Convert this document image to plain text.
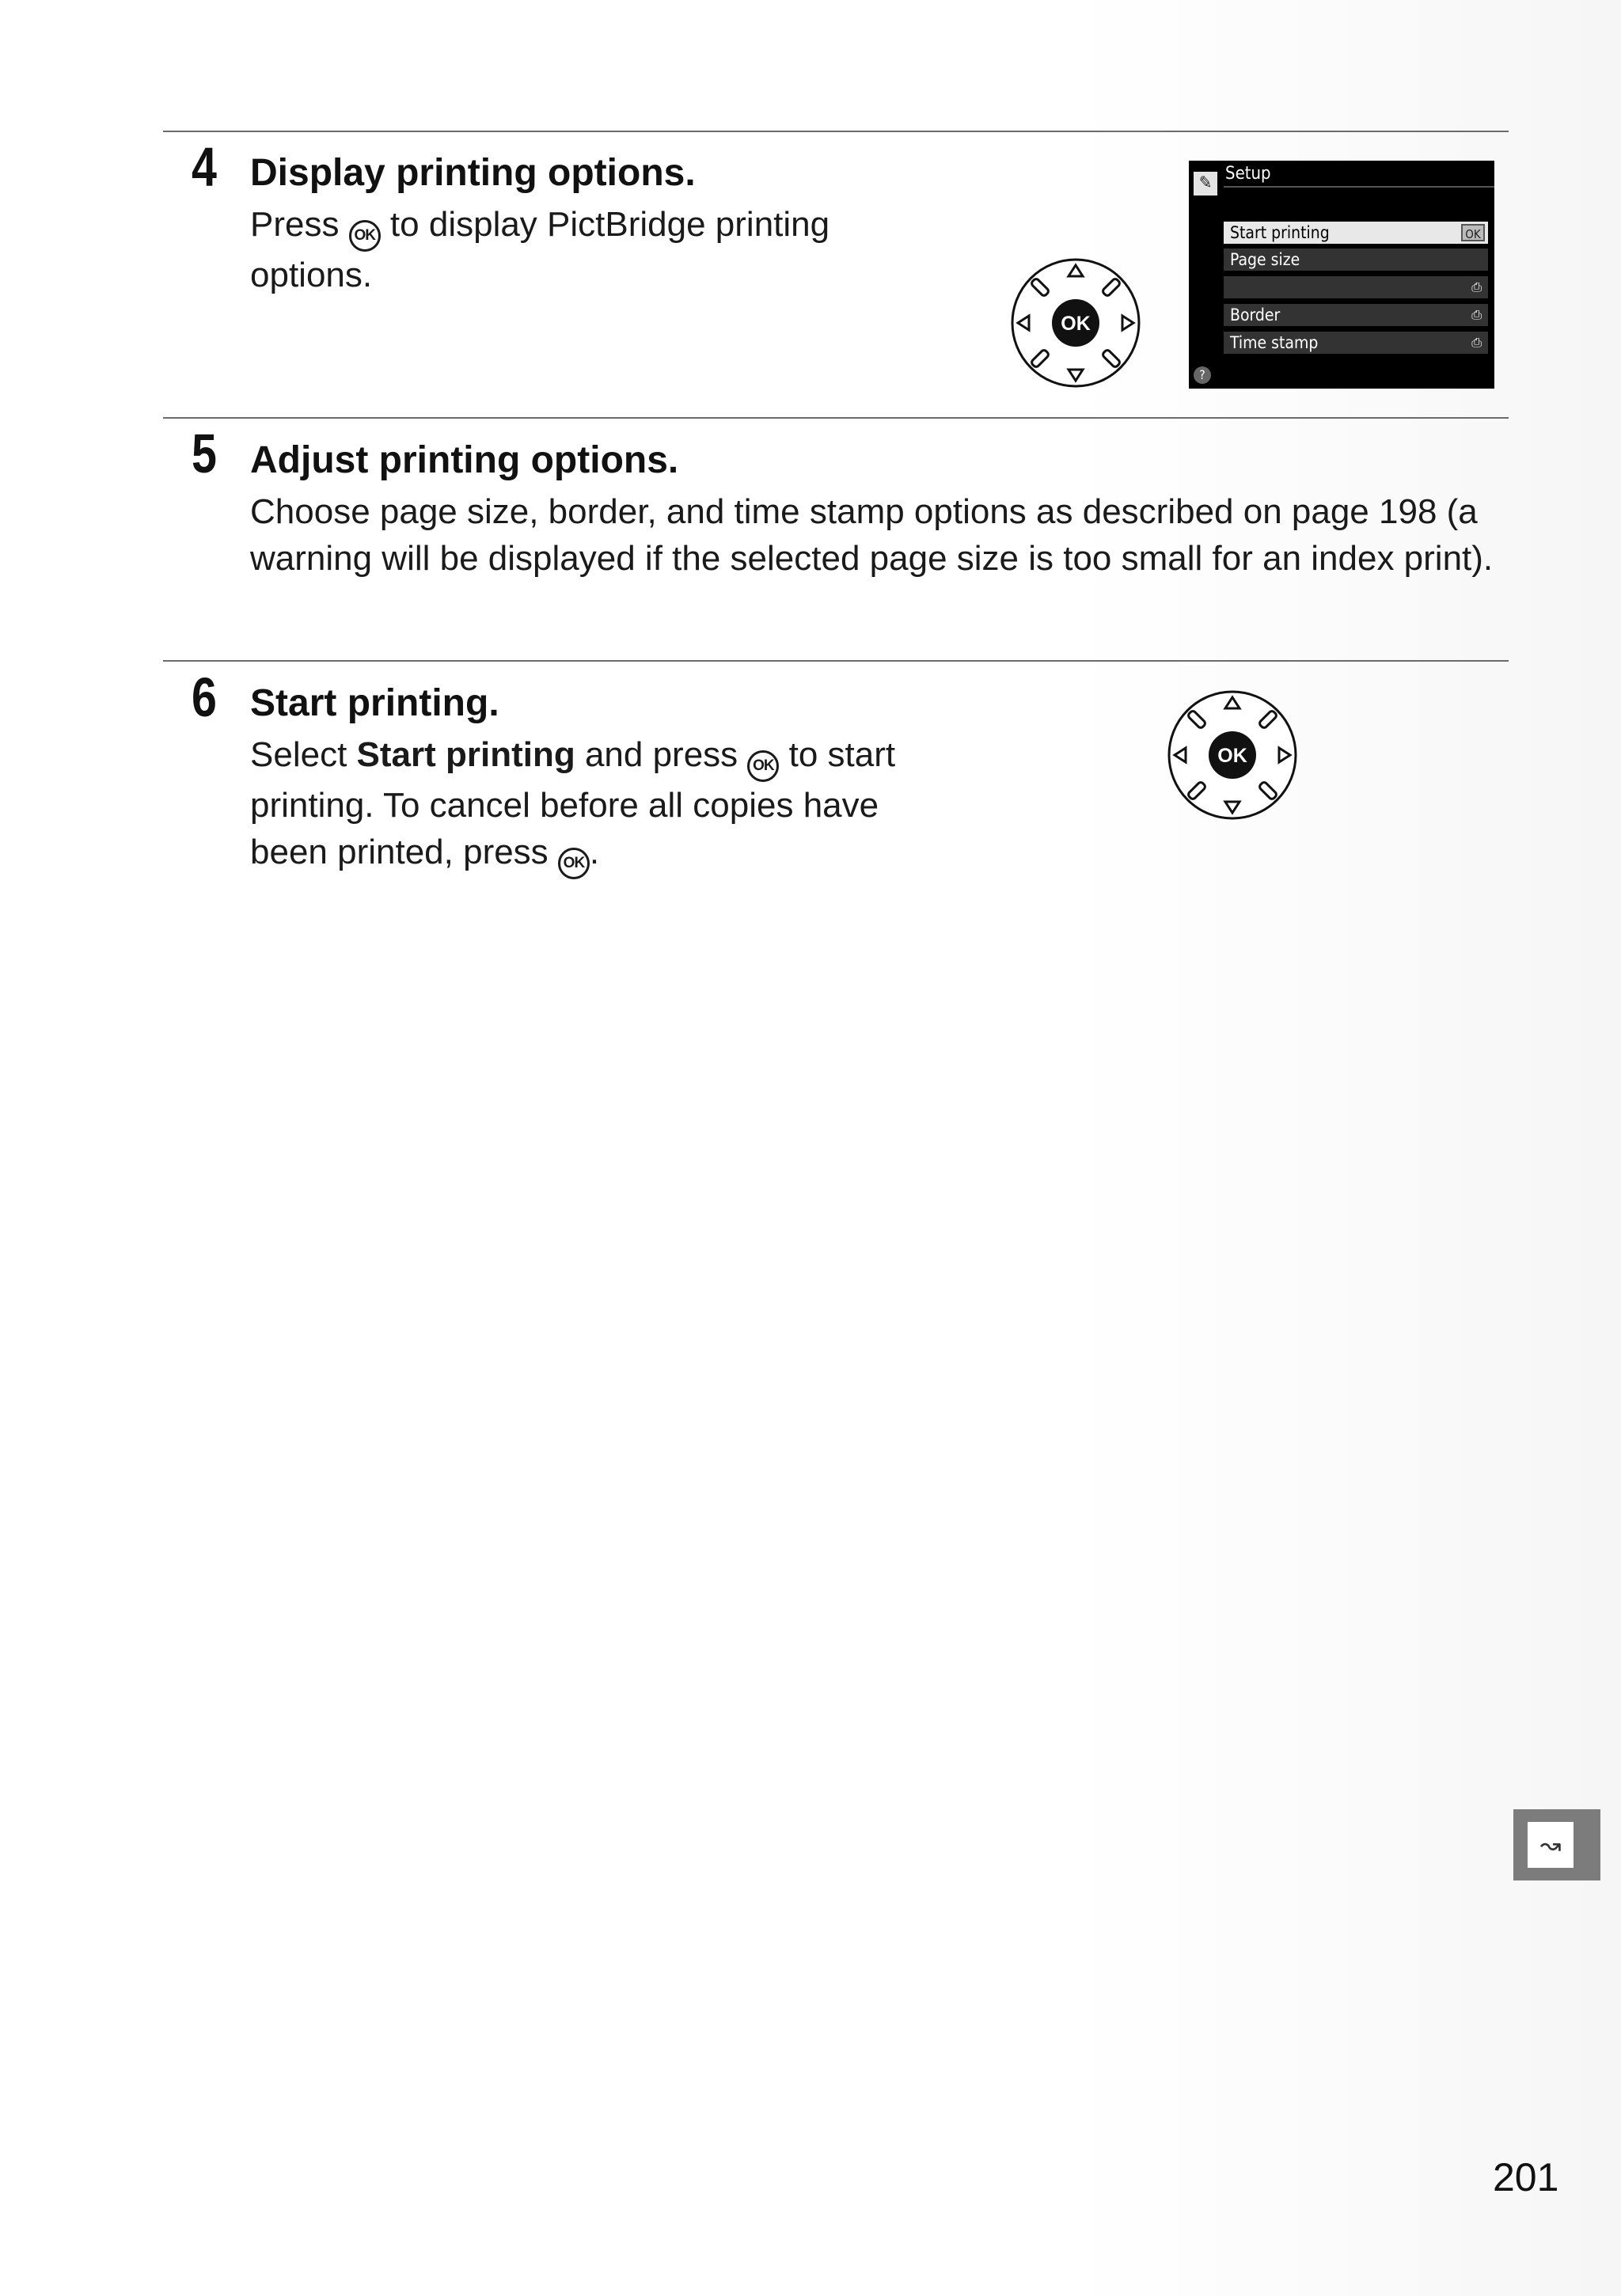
4 Display printing options.
Press OK to display PictBridge printing options.
OK
✎ Setup
Start printing	OK
Page size
⎙
Border	⎙
Time stamp	⎙
?
5 Adjust printing options.
Choose page size, border, and time stamp options as described on page 198 (a warning will be displayed if the selected page size is too small for an index print).
6 Start printing.
Select Start printing and press OK to start printing. To cancel before all copies have been printed, press OK .
OK
↝
201
